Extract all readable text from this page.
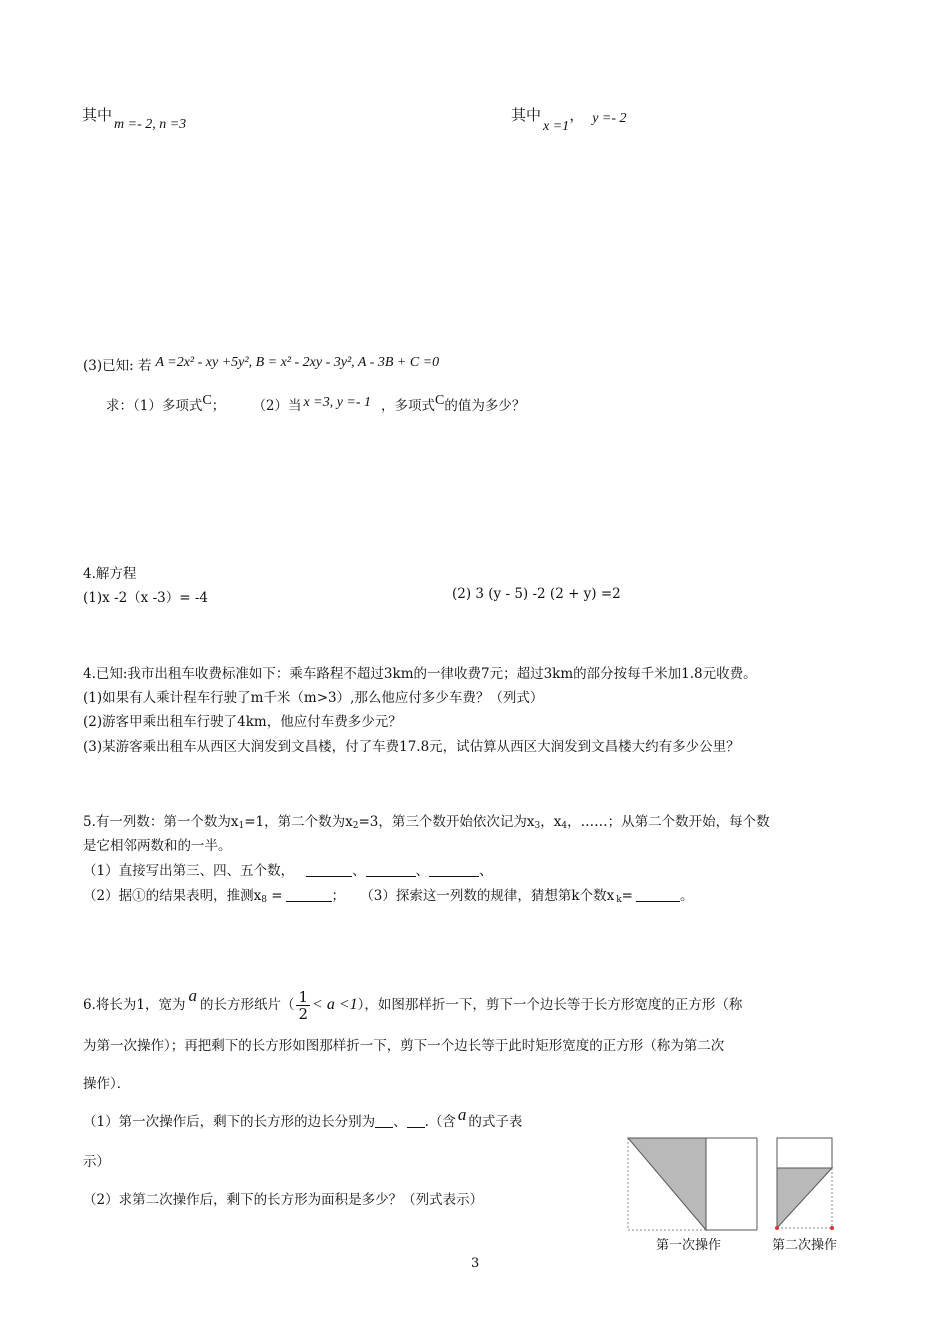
其中m =- 2, n =3
其中x =1， y =- 2
(3)已知: 若 A =2x² - xy +5y², B = x² - 2xy - 3y², A - 3B + C =0
求：（1）多项式C；	（2）当 x =3, y =- 1 ，多项式C的值为多少？
4.解方程
(1)x -2（x -3）= -4	(2) 3 (y - 5) -2 (2 + y) =2
4.已知:我市出租车收费标准如下：乘车路程不超过3km的一律收费7元；超过3km的部分按每千米加1.8元收费。
(1)如果有人乘计程车行驶了m千米（m>3）,那么他应付多少车费？（列式）
(2)游客甲乘出租车行驶了4km，他应付车费多少元？
(3)某游客乘出租车从西区大润发到文昌楼，付了车费17.8元，试估算从西区大润发到文昌楼大约有多少公里？
5.有一列数：第一个数为$x_1=1$，第二个数为$x_2=3$，第三个数开始依次记为$x_3$，$x_4$，……；从第二个数开始，每个数
是它相邻两数和的一半。
（1）直接写出第三、四、五个数，	、	、	、
（2）据①的结果表明，推测$x_8$ =	； （3）探索这一列数的规律，猜想第k个数x $_k$=	。
6.将长为1，宽为 a 的长方形纸片（ $\frac{1}{2} < a <1$），如图那样折一下，剪下一个边长等于长方形宽度的正方形（称
为第一次操作）；再把剩下的长方形如图那样折一下，剪下一个边长等于此时矩形宽度的正方形（称为第二次
操作）．
（1）第一次操作后，剩下的长方形的边长分别为 、 .（含 a 的式子表
示）
（2）求第二次操作后，剩下的长方形为面积是多少？（列式表示）
第一次操作	第二次操作
3
